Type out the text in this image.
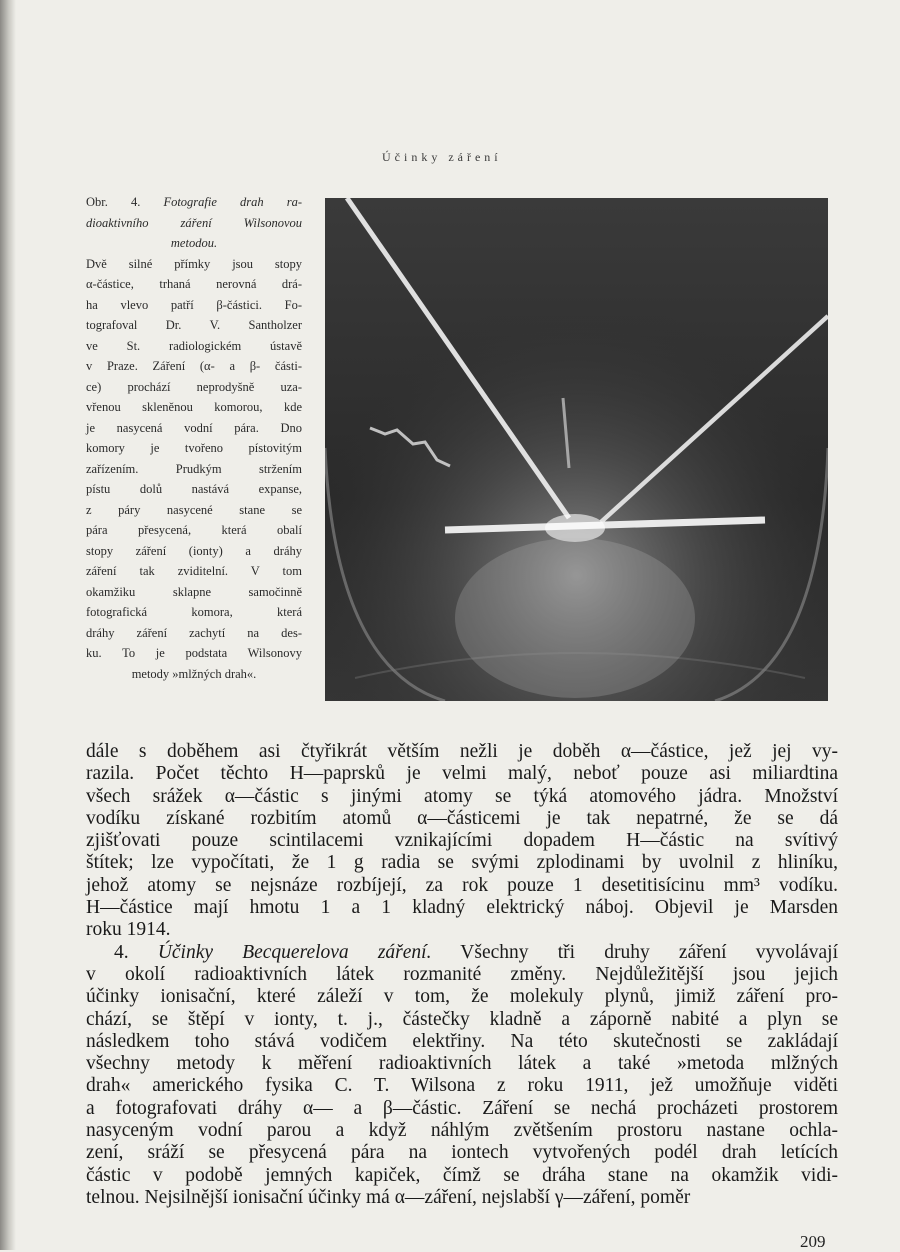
Účinky záření
Obr. 4. Fotografie drah ra-
dioaktivního záření Wilsonovou
metodou.
Dvě silné přímky jsou stopy
α-částice, trhaná nerovná drá-
ha vlevo patří β-částici. Fo-
tografoval Dr. V. Santholzer
ve St. radiologickém ústavě
v Praze. Záření (α- a β- části-
ce) prochází neprodyšně uza-
vřenou skleněnou komorou, kde
je nasycená vodní pára. Dno
komory je tvořeno pístovitým
zařízením. Prudkým stržením
pístu dolů nastává expanse,
z páry nasycené stane se
pára přesycená, která obalí
stopy záření (ionty) a dráhy
záření tak zviditelní. V tom
okamžiku sklapne samočinně
fotografická komora, která
dráhy záření zachytí na des-
ku. To je podstata Wilsonovy
metody »mlžných drah«.
dále s doběhem asi čtyřikrát větším nežli je doběh α—částice, jež jej vy-
razila. Počet těchto H—paprsků je velmi malý, neboť pouze asi miliardtina
všech srážek α—částic s jinými atomy se týká atomového jádra. Množství
vodíku získané rozbitím atomů α—částicemi je tak nepatrné, že se dá
zjišťovati pouze scintilacemi vznikajícími dopadem H—částic na svítivý
štítek; lze vypočítati, že 1 g radia se svými zplodinami by uvolnil z hliníku,
jehož atomy se nejsnáze rozbíjejí, za rok pouze 1 desetitisícinu mm³ vodíku.
H—částice mají hmotu 1 a 1 kladný elektrický náboj. Objevil je Marsden
roku 1914.
4. Účinky Becquerelova záření. Všechny tři druhy záření vyvolávají
v okolí radioaktivních látek rozmanité změny. Nejdůležitější jsou jejich
účinky ionisační, které záleží v tom, že molekuly plynů, jimiž záření pro-
chází, se štěpí v ionty, t. j., částečky kladně a záporně nabité a plyn se
následkem toho stává vodičem elektřiny. Na této skutečnosti se zakládají
všechny metody k měření radioaktivních látek a také »metoda mlžných
drah« amerického fysika C. T. Wilsona z roku 1911, jež umožňuje viděti
a fotografovati dráhy α— a β—částic. Záření se nechá procházeti prostorem
nasyceným vodní parou a když náhlým zvětšením prostoru nastane ochla-
zení, sráží se přesycená pára na iontech vytvořených podél drah letících
částic v podobě jemných kapiček, čímž se dráha stane na okamžik vidi-
telnou. Nejsilnější ionisační účinky má α—záření, nejslabší γ—záření, poměr
209
